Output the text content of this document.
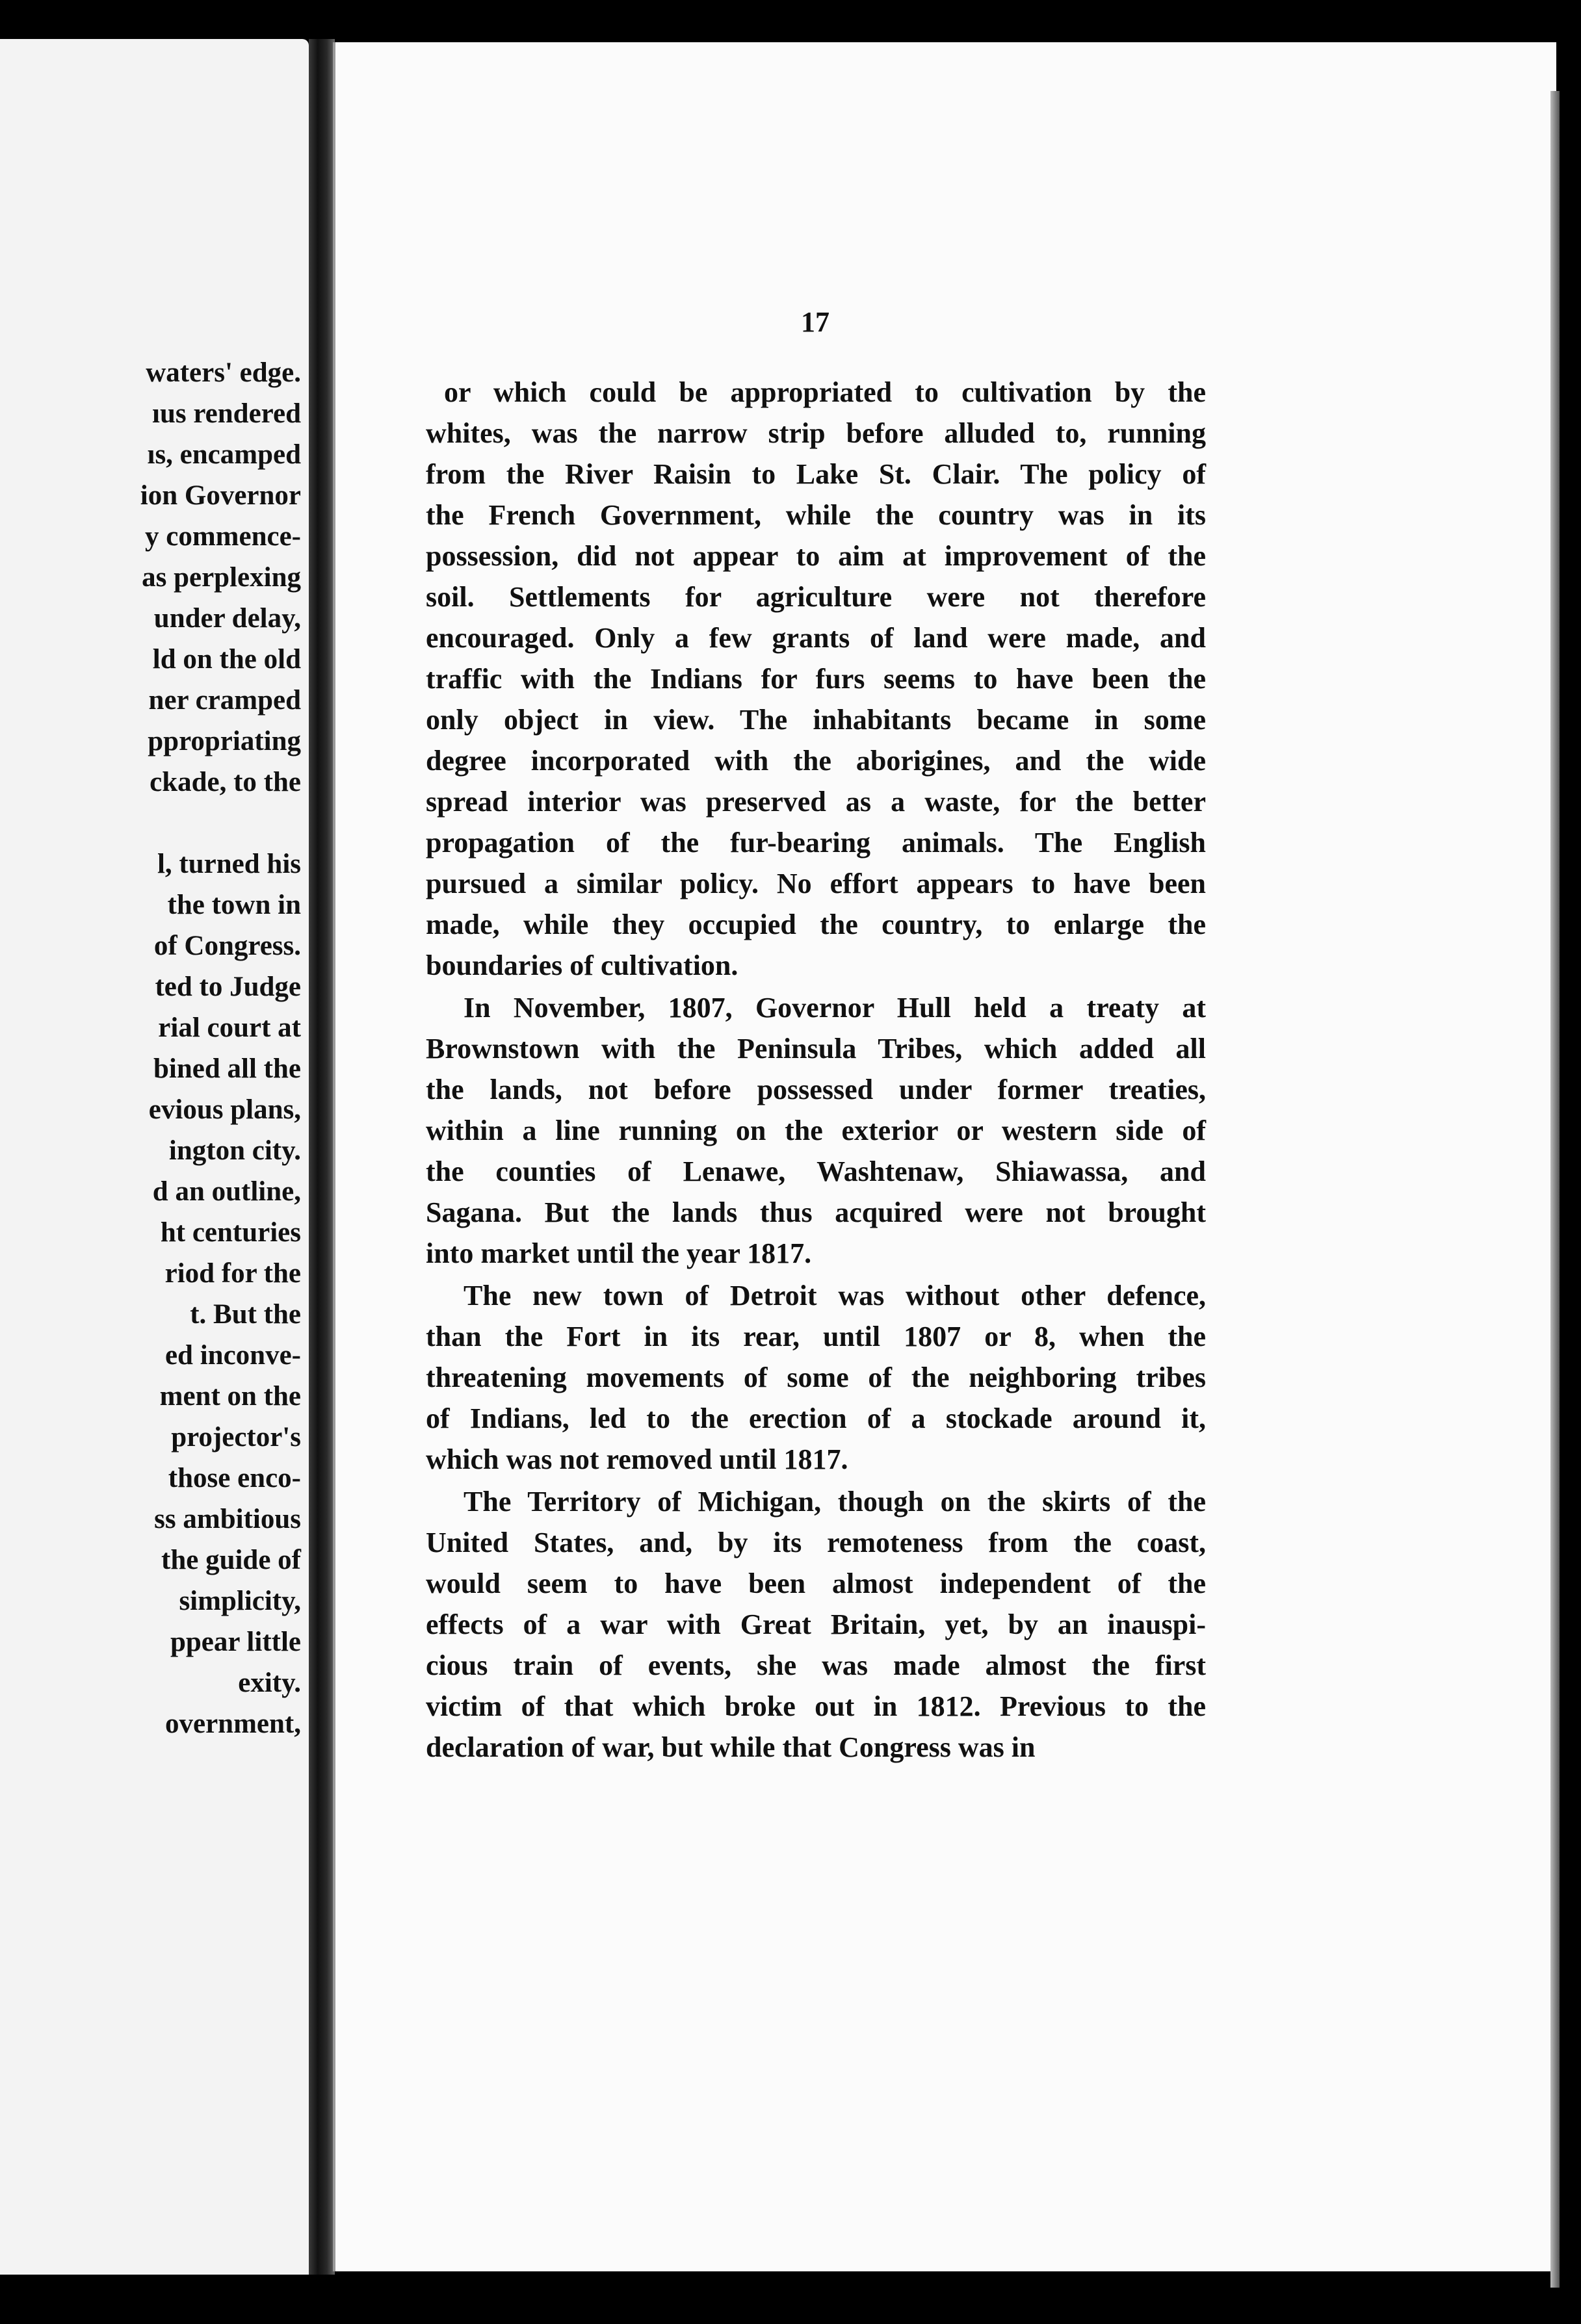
waters' edge.
ıus rendered
ıs, encamped
ion Governor
y commence-
as perplexing
under delay,
ld on the old
ner cramped
ppropriating
ckade, to the
l, turned his
the town in
of Congress.
ted to Judge
rial court at
bined all the
evious plans,
ington city.
d an outline,
ht centuries
riod for the
t. But the
ed inconve-
ment on the
projector's
those enco-
ss ambitious
the guide of
simplicity,
ppear little
exity.
overnment,
17
or which could be appropriated to cultivation by the
whites, was the narrow strip before alluded to, running
from the River Raisin to Lake St. Clair. The policy of
the French Government, while the country was in its
possession, did not appear to aim at improvement of the
soil. Settlements for agriculture were not therefore
encouraged. Only a few grants of land were made, and
traffic with the Indians for furs seems to have been the
only object in view. The inhabitants became in some
degree incorporated with the aborigines, and the wide
spread interior was preserved as a waste, for the better
propagation of the fur-bearing animals. The English
pursued a similar policy. No effort appears to have been
made, while they occupied the country, to enlarge the
boundaries of cultivation.
In November, 1807, Governor Hull held a treaty at
Brownstown with the Peninsula Tribes, which added all
the lands, not before possessed under former treaties,
within a line running on the exterior or western side of
the counties of Lenawe, Washtenaw, Shiawassa, and
Sagana. But the lands thus acquired were not brought
into market until the year 1817.
The new town of Detroit was without other defence,
than the Fort in its rear, until 1807 or 8, when the
threatening movements of some of the neighboring tribes
of Indians, led to the erection of a stockade around it,
which was not removed until 1817.
The Territory of Michigan, though on the skirts of the
United States, and, by its remoteness from the coast,
would seem to have been almost independent of the
effects of a war with Great Britain, yet, by an inauspi-
cious train of events, she was made almost the first
victim of that which broke out in 1812. Previous to the
declaration of war, but while that Congress was in
